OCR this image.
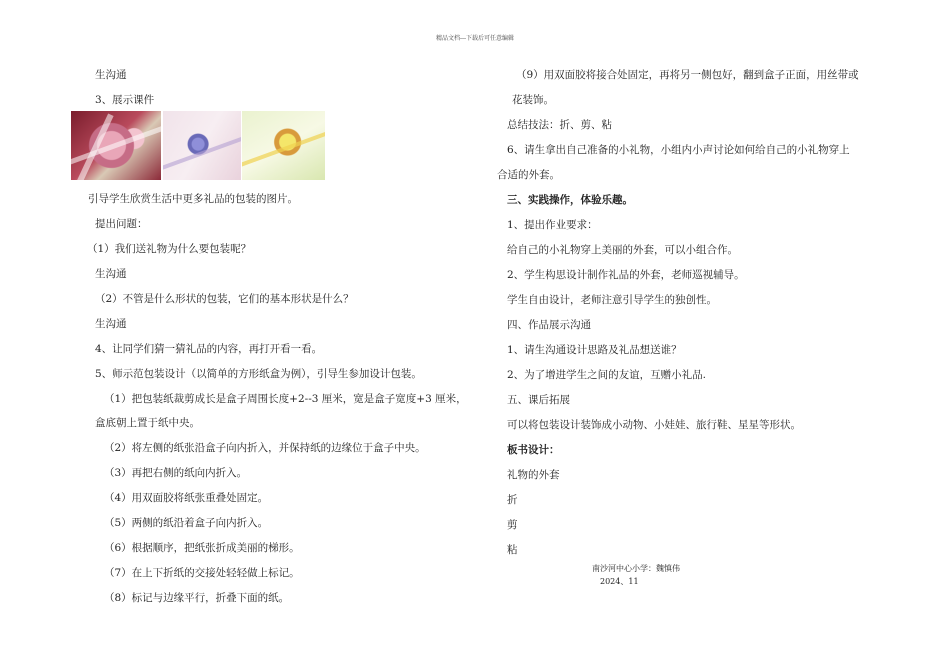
精品文档---下载后可任意编辑
生沟通
3、展示课件
引导学生欣赏生活中更多礼品的包装的图片。
提出问题：
（1）我们送礼物为什么要包装呢？
生沟通
（2）不管是什么形状的包装，它们的基本形状是什么？
生沟通
4、让同学们猜一猜礼品的内容，再打开看一看。
5、师示范包装设计（以简单的方形纸盒为例），引导生参加设计包装。
（1）把包装纸裁剪成长是盒子周围长度+2--3 厘米，宽是盒子宽度+3 厘米，
盒底朝上置于纸中央。
（2）将左侧的纸张沿盒子向内折入，并保持纸的边缘位于盒子中央。
（3）再把右侧的纸向内折入。
（4）用双面胶将纸张重叠处固定。
（5）两侧的纸沿着盒子向内折入。
（6）根据顺序，把纸张折成美丽的梯形。
（7）在上下折纸的交接处轻轻做上标记。
（8）标记与边缘平行，折叠下面的纸。
（9）用双面胶将接合处固定，再将另一侧包好，翻到盒子正面，用丝带或
花装饰。
总结技法：折、剪、粘
6、请生拿出自己准备的小礼物，小组内小声讨论如何给自己的小礼物穿上
合适的外套。
三、实践操作，体验乐趣。
1、提出作业要求：
给自己的小礼物穿上美丽的外套，可以小组合作。
2、学生构思设计制作礼品的外套，老师巡视辅导。
学生自由设计，老师注意引导学生的独创性。
四、作品展示沟通
1、请生沟通设计思路及礼品想送谁？
2、为了增进学生之间的友谊，互赠小礼品.
五、课后拓展
可以将包装设计装饰成小动物、小娃娃、旅行鞋、星星等形状。
板书设计：
礼物的外套
折
剪
粘
南沙河中心小学：魏慎伟
2024、11
